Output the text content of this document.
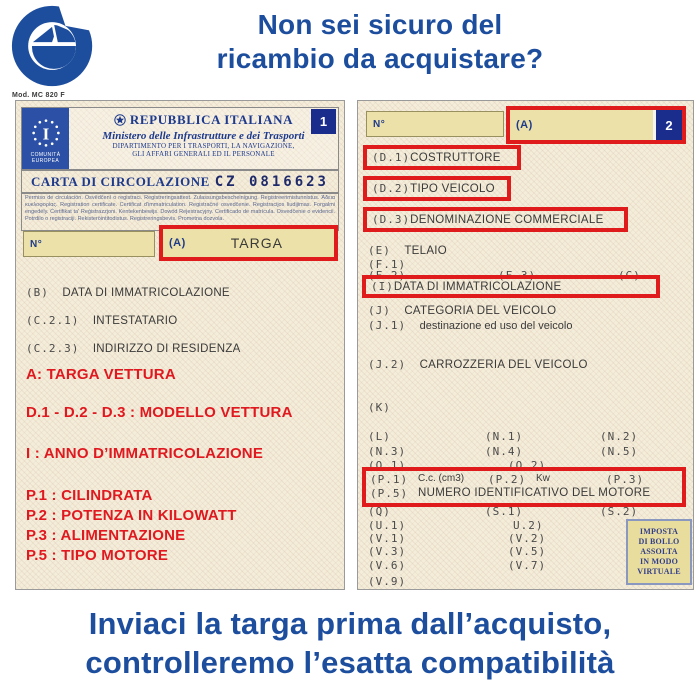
Non sei sicuro del
ricambio da acquistare?
Mod. MC 820 F
I
COMUNITÀ
EUROPEA
REPUBBLICA ITALIANA
Ministero delle Infrastrutture e dei Trasporti
DIPARTIMENTO PER I TRASPORTI, LA NAVIGAZIONE,
GLI AFFARI GENERALI ED IL PERSONALE
1
CARTA DI CIRCOLAZIONE CZ 0816623
Permiso de circulación. Osvědčení o registraci. Registreringsattest. Zulassungsbescheinigung. Registreerimistunnistus. Άδεια κυκλοφορίας. Registration certificate. Certificat d'immatriculation. Registračné osvedčenie. Registracijos liudijimas. Forgalmi engedély. Ċertifikat ta' Reġistrazzjoni. Kentekenbewijs. Dowód Rejestracyjny. Certificado de matrícula. Osvedčenie o evidencii. Potrdilo o registraciji. Rekisteröintitodistus. Registreringsbevis. Prometna dozvola.
N°	(A)	TARGA
(B) DATA DI IMMATRICOLAZIONE
(C.2.1) INTESTATARIO
(C.2.3) INDIRIZZO DI RESIDENZA
A: TARGA VETTURA
D.1 - D.2 - D.3 : MODELLO VETTURA
I : ANNO D’IMMATRICOLAZIONE
P.1 : CILINDRATA
P.2 : POTENZA IN KILOWATT
P.3 : ALIMENTAZIONE
P.5 : TIPO MOTORE
N°	(A)	2
(D.1) COSTRUTTORE
(D.2) TIPO VEICOLO
(D.3) DENOMINAZIONE COMMERCIALE
(E) TELAIO
(F.1)
(F.2)	(F.3)	(G)
(I) DATA DI IMMATRICOLAZIONE
(J) CATEGORIA DEL VEICOLO
(J.1) destinazione ed uso del veicolo
(J.2) CARROZZERIA DEL VEICOLO
(K)
(L)	(N.1)	(N.2)
(N.3)	(N.4)	(N.5)
(O.1)	(O.2)
(P.1) C.c. (cm3) (P.2) Kw	(P.3)
(P.5) NUMERO IDENTIFICATIVO DEL MOTORE
(Q)	(S.1)	(S.2)
(U.1)	U.2)
(V.1)	(V.2)
(V.3)	(V.5)
(V.6)	(V.7)
(V.9)
IMPOSTA
DI BOLLO
ASSOLTA
IN MODO
VIRTUALE
Inviaci la targa prima dall’acquisto,
controlleremo l’esatta compatibilità
